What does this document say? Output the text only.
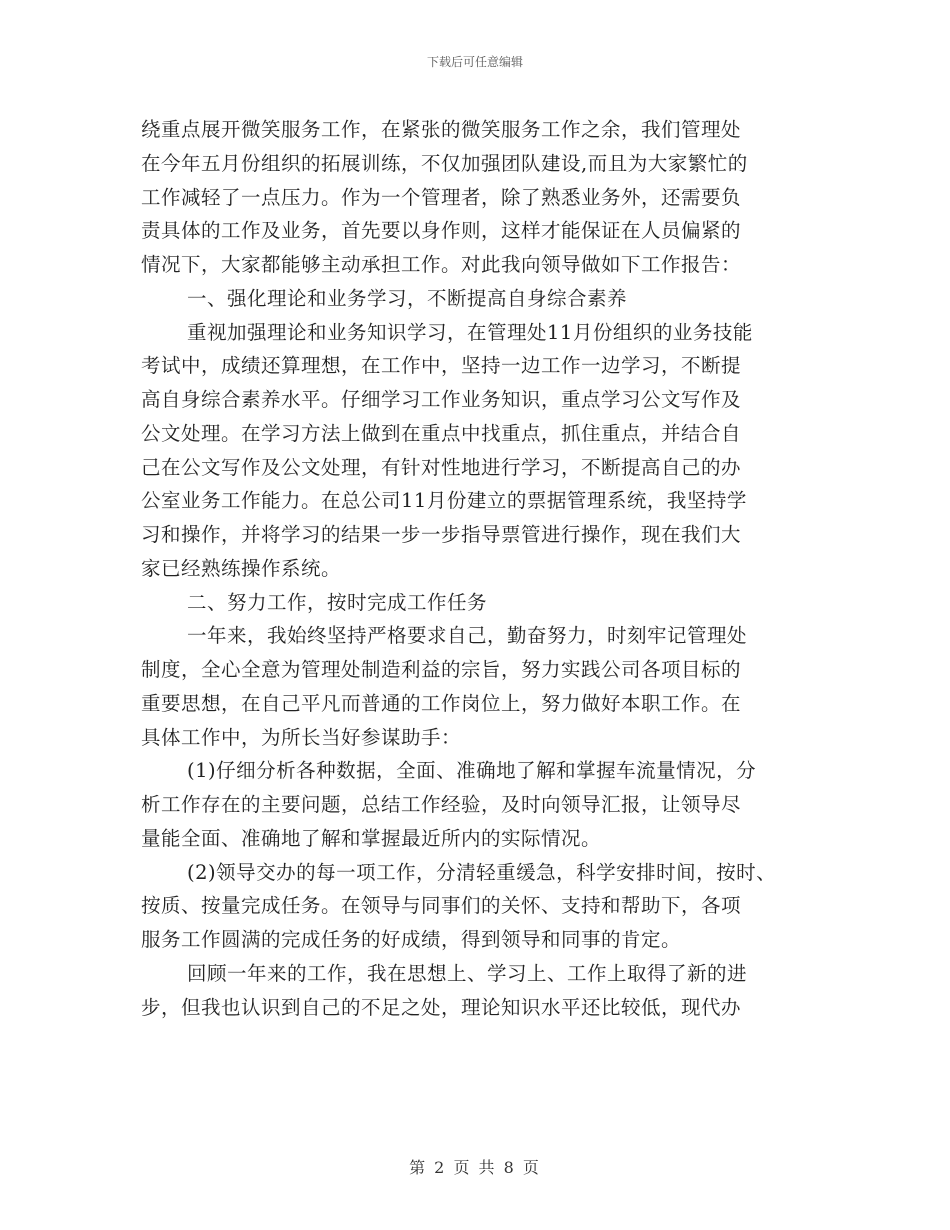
下载后可任意编辑
绕重点展开微笑服务工作，在紧张的微笑服务工作之余，我们管理处
在今年五月份组织的拓展训练，不仅加强团队建设,而且为大家繁忙的
工作减轻了一点压力。作为一个管理者，除了熟悉业务外，还需要负
责具体的工作及业务，首先要以身作则，这样才能保证在人员偏紧的
情况下，大家都能够主动承担工作。对此我向领导做如下工作报告：
一、强化理论和业务学习，不断提高自身综合素养
重视加强理论和业务知识学习，在管理处11月份组织的业务技能
考试中，成绩还算理想，在工作中，坚持一边工作一边学习，不断提
高自身综合素养水平。仔细学习工作业务知识，重点学习公文写作及
公文处理。在学习方法上做到在重点中找重点，抓住重点，并结合自
己在公文写作及公文处理，有针对性地进行学习，不断提高自己的办
公室业务工作能力。在总公司11月份建立的票据管理系统，我坚持学
习和操作，并将学习的结果一步一步指导票管进行操作，现在我们大
家已经熟练操作系统。
二、努力工作，按时完成工作任务
一年来，我始终坚持严格要求自己，勤奋努力，时刻牢记管理处
制度，全心全意为管理处制造利益的宗旨，努力实践公司各项目标的
重要思想，在自己平凡而普通的工作岗位上，努力做好本职工作。在
具体工作中，为所长当好参谋助手：
(1)仔细分析各种数据，全面、准确地了解和掌握车流量情况，分
析工作存在的主要问题，总结工作经验，及时向领导汇报，让领导尽
量能全面、准确地了解和掌握最近所内的实际情况。
(2)领导交办的每一项工作，分清轻重缓急，科学安排时间，按时、
按质、按量完成任务。在领导与同事们的关怀、支持和帮助下，各项
服务工作圆满的完成任务的好成绩，得到领导和同事的肯定。
回顾一年来的工作，我在思想上、学习上、工作上取得了新的进
步，但我也认识到自己的不足之处，理论知识水平还比较低，现代办
第 2 页 共 8 页
